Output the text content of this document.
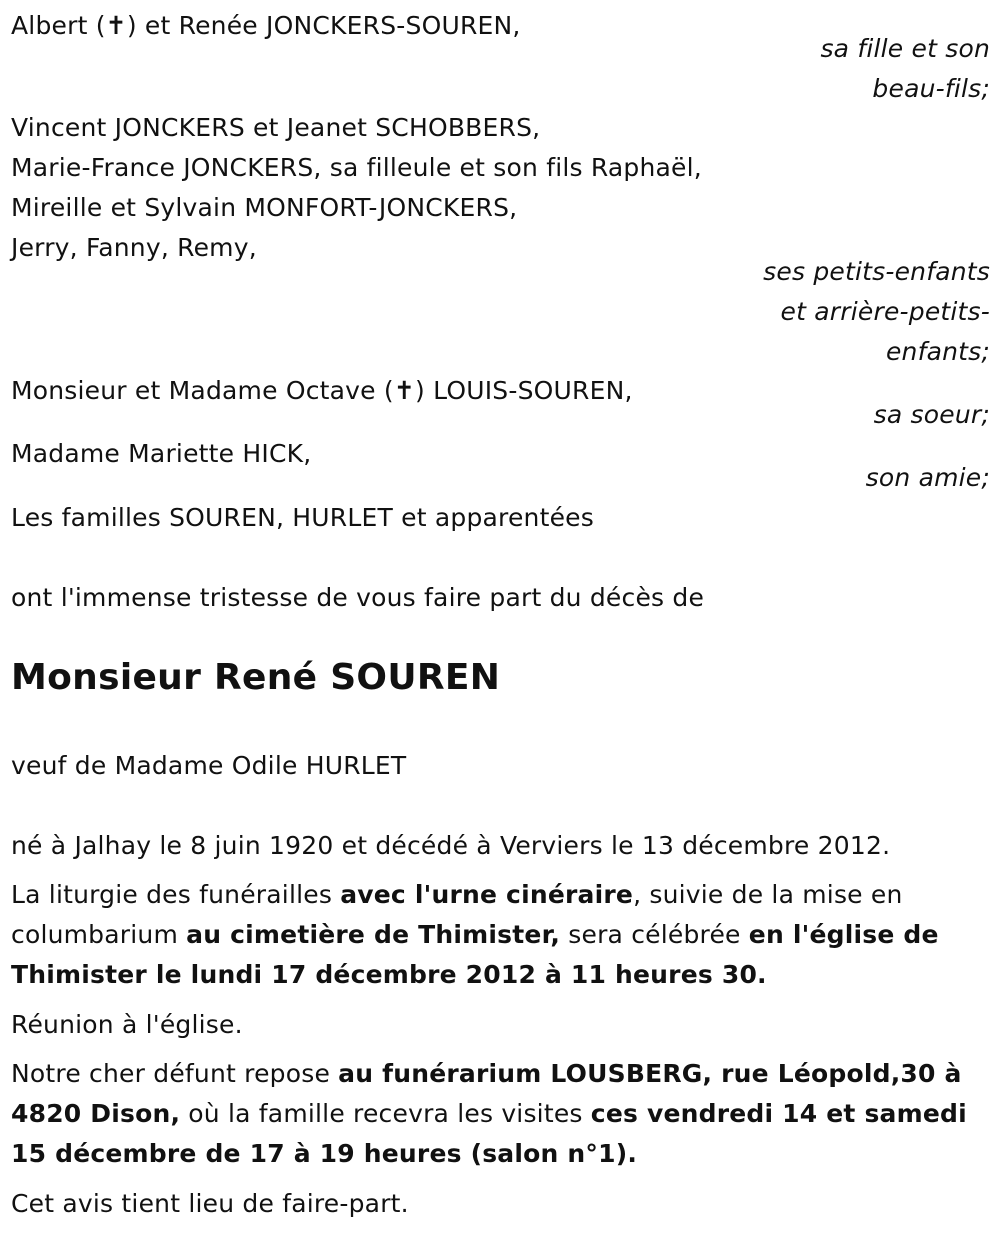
Albert (✝) et Renée JONCKERS-SOUREN,
sa fille et son
beau-fils;
Vincent JONCKERS et Jeanet SCHOBBERS,
Marie-France JONCKERS, sa filleule et son fils Raphaël,
Mireille et Sylvain MONFORT-JONCKERS,
Jerry, Fanny, Remy,
ses petits-enfants
et arrière-petits-
enfants;
Monsieur et Madame Octave (✝) LOUIS-SOUREN,
sa soeur;
Madame Mariette HICK,
son amie;
Les familles SOUREN, HURLET et apparentées
ont l'immense tristesse de vous faire part du décès de
Monsieur René SOUREN
veuf de Madame Odile HURLET
né à Jalhay le 8 juin 1920 et décédé à Verviers le 13 décembre 2012.
La liturgie des funérailles avec l'urne cinéraire, suivie de la mise en
columbarium au cimetière de Thimister, sera célébrée en l'église de
Thimister le lundi 17 décembre 2012 à 11 heures 30.
Réunion à l'église.
Notre cher défunt repose au funérarium LOUSBERG, rue Léopold,30 à
4820 Dison, où la famille recevra les visites ces vendredi 14 et samedi
15 décembre de 17 à 19 heures (salon n°1).
Cet avis tient lieu de faire-part.
